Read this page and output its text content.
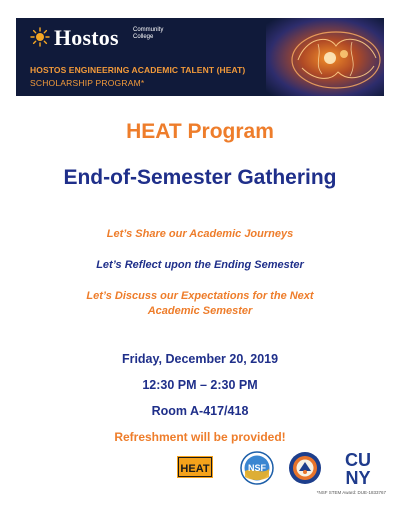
Hostos Community
College
HOSTOS ENGINEERING ACADEMIC TALENT (HEAT)
SCHOLARSHIP PROGRAM*
HEAT Program
End-of-Semester Gathering
Let’s Share our Academic Journeys
Let’s Reflect upon the Ending Semester
Let’s Discuss our Expectations for the Next Academic Semester
Friday, December 20, 2019
12:30 PM – 2:30 PM
Room A-417/418
Refreshment will be provided!
HEAT	NSF	CU
NY
*NSF STEM Award: DUE-1833767
